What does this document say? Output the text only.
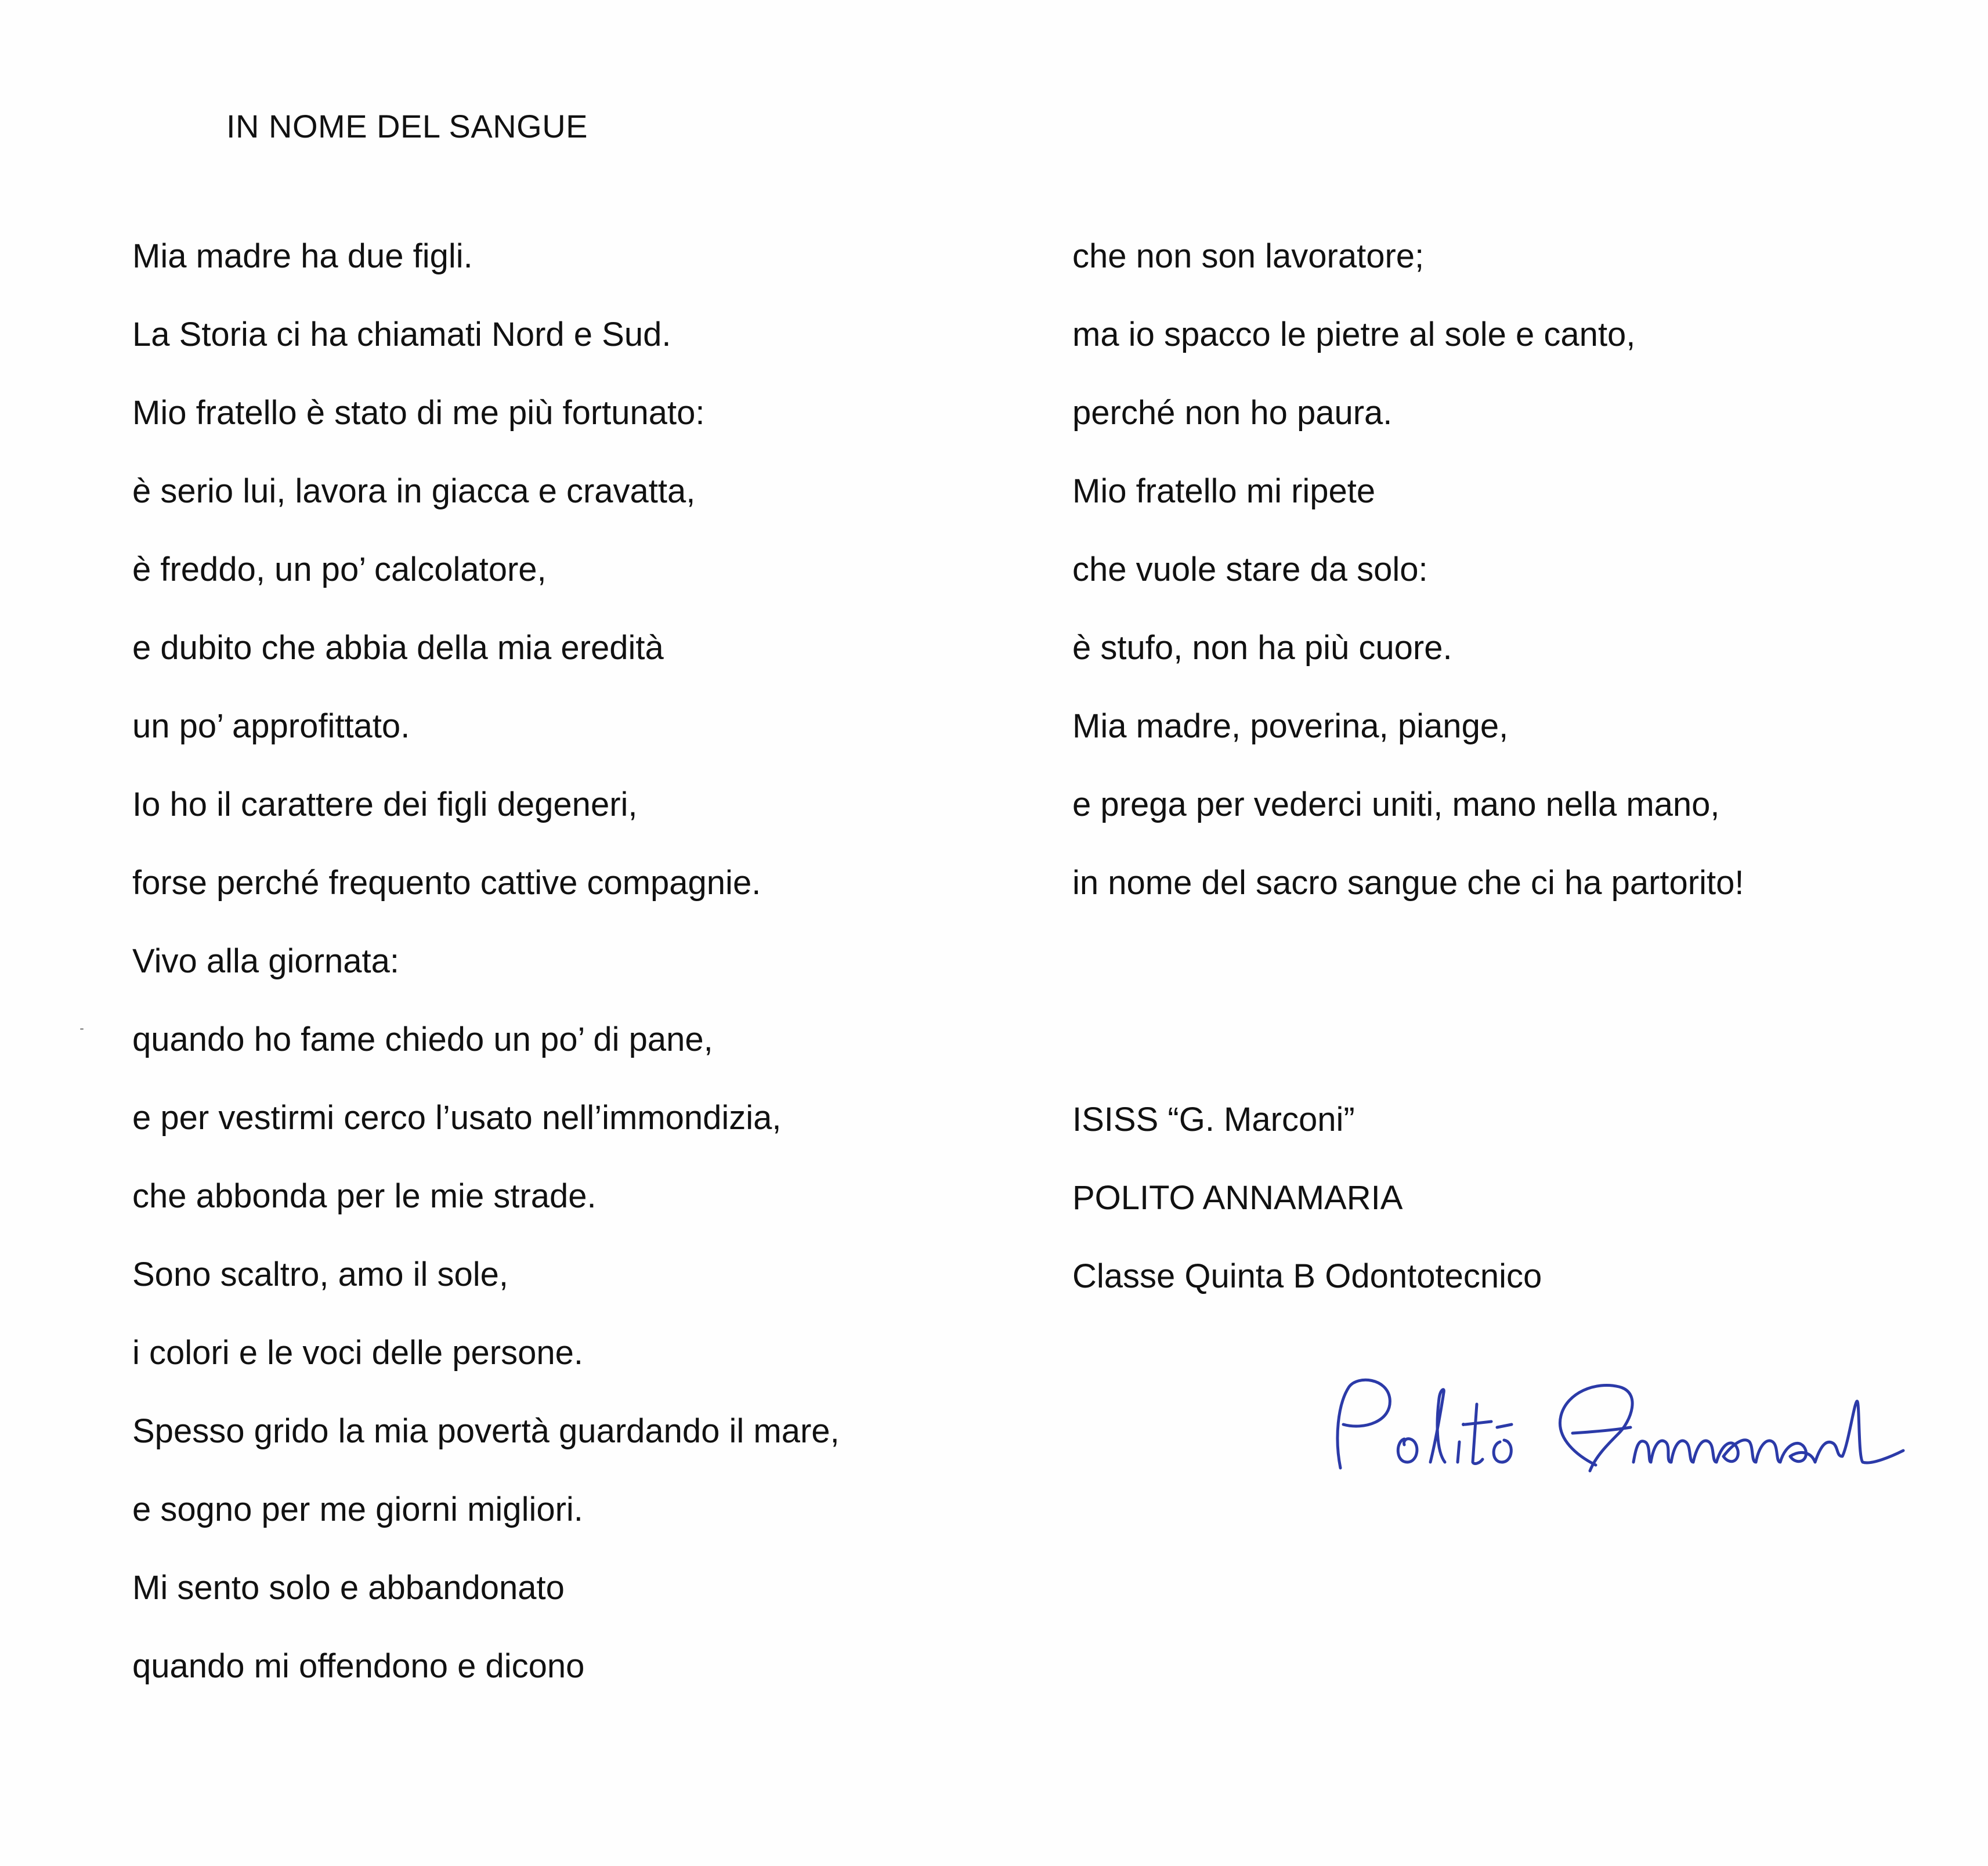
IN NOME DEL SANGUE
Mia madre ha due figli.
La Storia ci ha chiamati Nord e Sud.
Mio fratello è stato di me più fortunato:
è serio lui, lavora in giacca e cravatta,
è freddo, un po’ calcolatore,
e dubito che abbia della mia eredità
un po’ approfittato.
Io ho il carattere dei figli degeneri,
forse perché frequento cattive compagnie.
Vivo alla giornata:
quando ho fame chiedo un po’ di pane,
e per vestirmi cerco l’usato nell’immondizia,
che abbonda per le mie strade.
Sono scaltro, amo il sole,
i colori e le voci delle persone.
Spesso grido la mia povertà guardando il mare,
e sogno per me giorni migliori.
Mi sento solo e abbandonato
quando mi offendono e dicono
che non son lavoratore;
ma io spacco le pietre al sole e canto,
perché non ho paura.
Mio fratello mi ripete
che vuole stare da solo:
è stufo, non ha più cuore.
Mia madre, poverina, piange,
e prega per vederci uniti, mano nella mano,
in nome del sacro sangue che ci ha partorito!
ISISS “G. Marconi”
POLITO ANNAMARIA
Classe Quinta B Odontotecnico
